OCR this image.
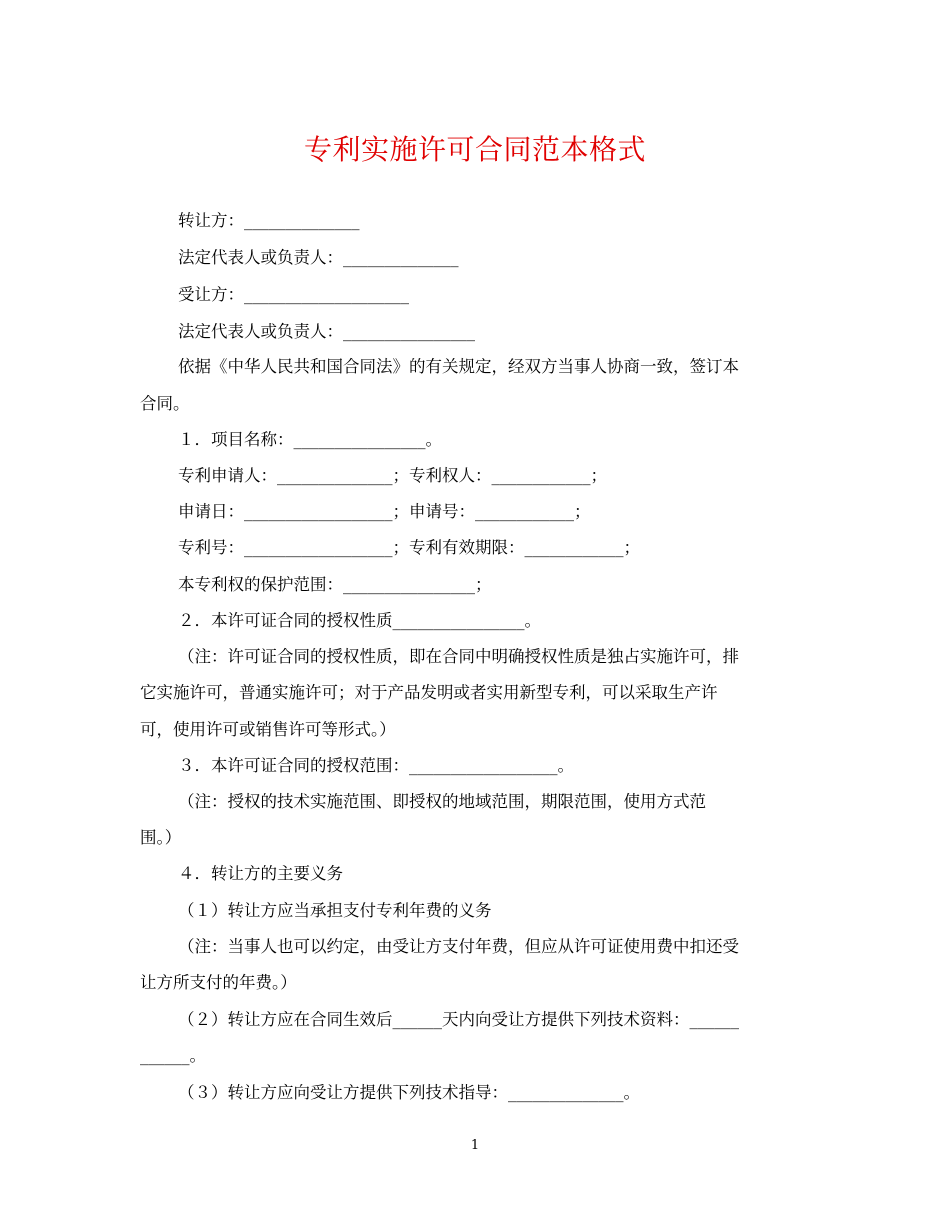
专利实施许可合同范本格式
转让方：______________
法定代表人或负责人：______________
受让方：____________________
法定代表人或负责人：________________
依据《中华人民共和国合同法》的有关规定，经双方当事人协商一致，签订本
合同。
１．项目名称：________________。
专利申请人：______________；专利权人：____________；
申请日：__________________；申请号：____________；
专利号：__________________；专利有效期限：____________；
本专利权的保护范围：________________；
２．本许可证合同的授权性质________________。
（注：许可证合同的授权性质，即在合同中明确授权性质是独占实施许可，排
它实施许可，普通实施许可；对于产品发明或者实用新型专利，可以采取生产许
可，使用许可或销售许可等形式。）
３．本许可证合同的授权范围：__________________。
（注：授权的技术实施范围、即授权的地域范围，期限范围，使用方式范
围。）
４．转让方的主要义务
（１）转让方应当承担支付专利年费的义务
（注：当事人也可以约定，由受让方支付年费，但应从许可证使用费中扣还受
让方所支付的年费。）
（２）转让方应在合同生效后______天内向受让方提供下列技术资料：______
______。
（３）转让方应向受让方提供下列技术指导：______________。
1
